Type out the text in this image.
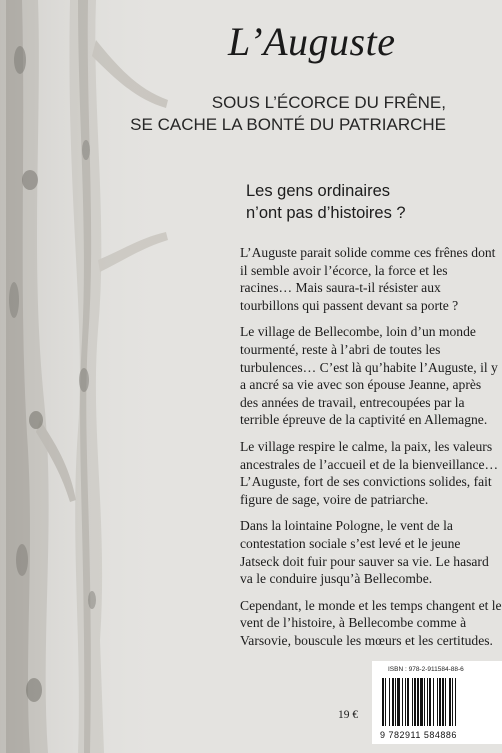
L’Auguste
SOUS L’ÉCORCE DU FRÊNE,
SE CACHE LA BONTÉ DU PATRIARCHE
Les gens ordinaires
n’ont pas d’histoires ?

L’Auguste parait solide comme ces frênes dont il semble avoir l’écorce, la force et les racines… Mais saura-t-il résister aux tourbillons qui passent devant sa porte ?

Le village de Bellecombe, loin d’un monde tourmenté, reste à l’abri de toutes les turbulences… C’est là qu’habite l’Auguste, il y a ancré sa vie avec son épouse Jeanne, après des années de travail, entrecoupées par la terrible épreuve de la captivité en Allemagne.

Le village respire le calme, la paix, les valeurs ancestrales de l’accueil et de la bienveillance… L’Auguste, fort de ses convictions solides, fait figure de sage, voire de patriarche.

Dans la lointaine Pologne, le vent de la contestation sociale s’est levé et le jeune Jatseck doit fuir pour sauver sa vie. Le hasard va le conduire jusqu’à Bellecombe.

Cependant, le monde et les temps changent et le vent de l’histoire, à Bellecombe comme à Varsovie, bouscule les mœurs et les certitudes.

19 €
ISBN : 978-2-911584-88-6
9 782911 584886
